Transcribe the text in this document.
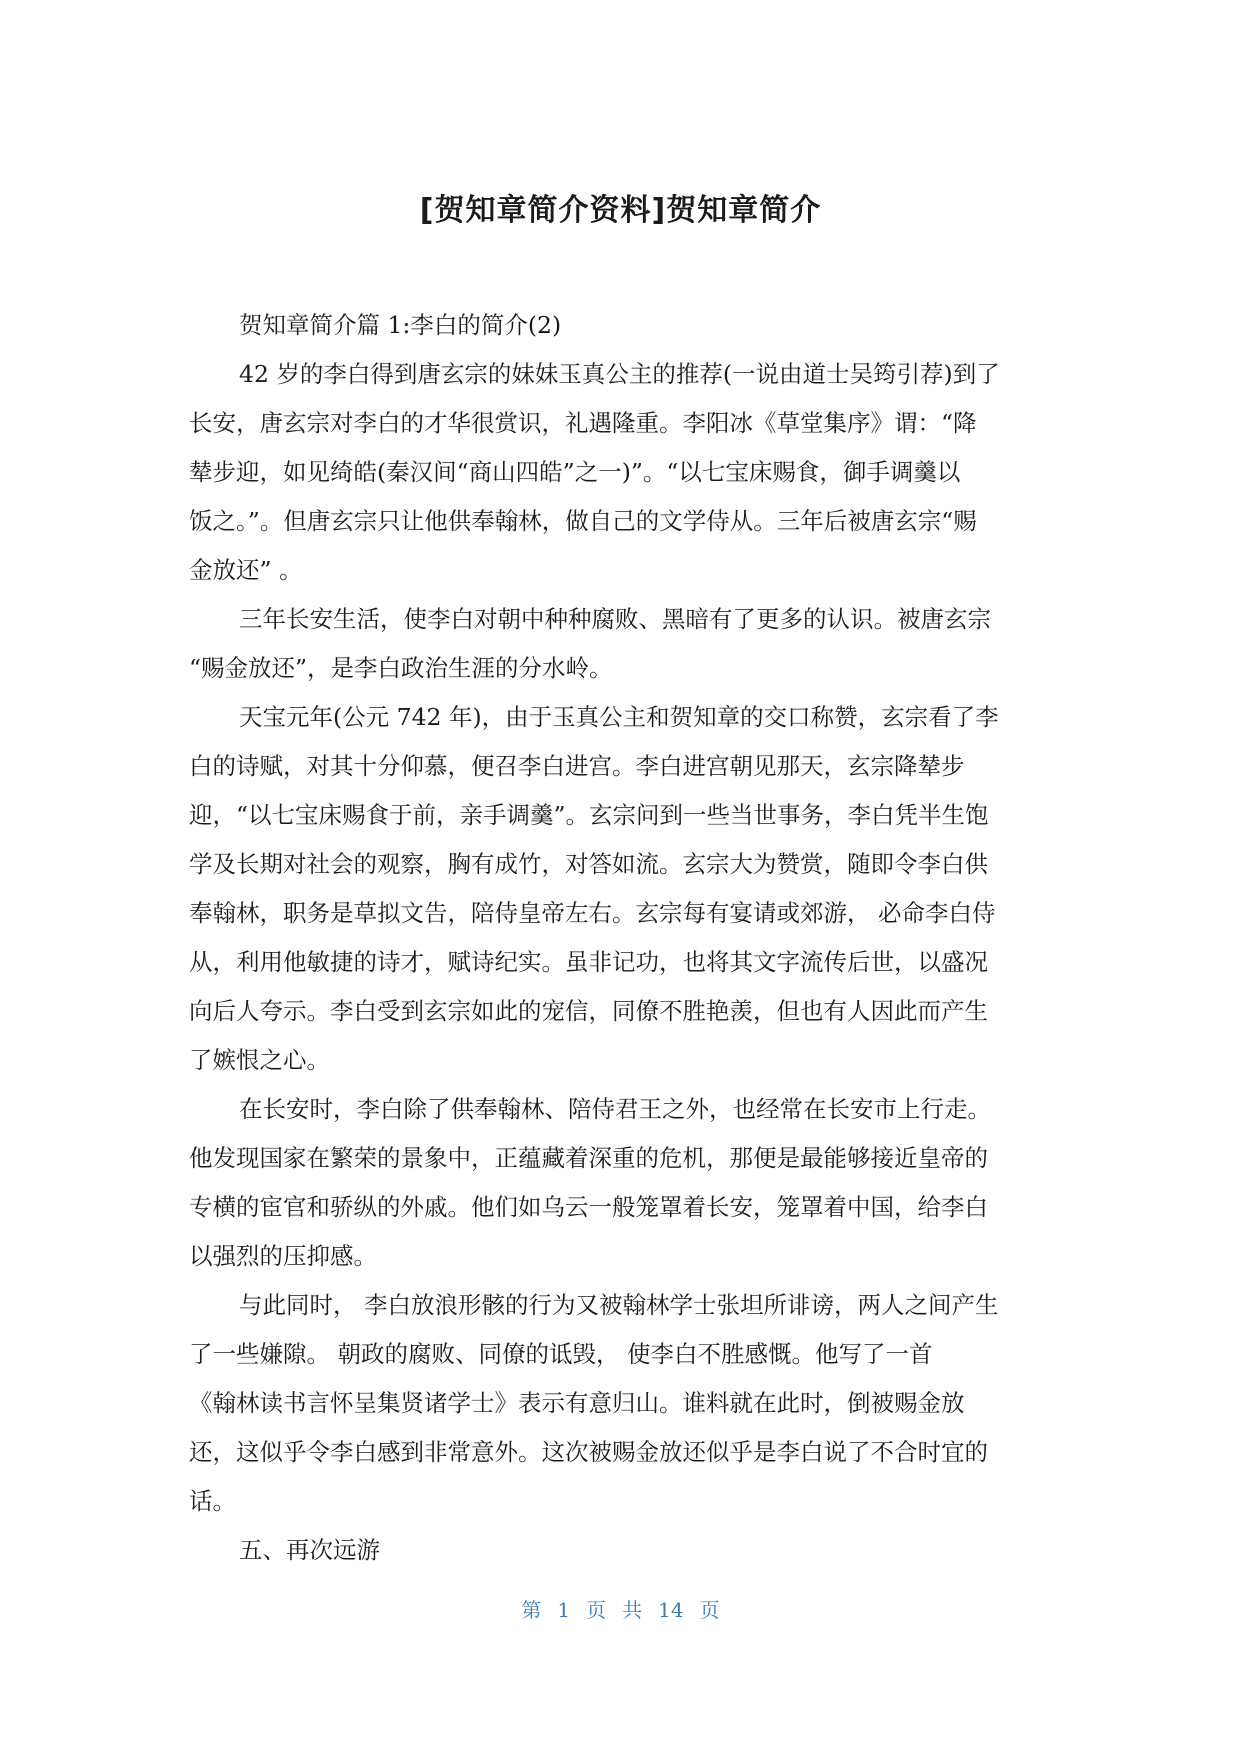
[贺知章简介资料]贺知章简介
贺知章简介篇 1:李白的简介(2)
42 岁的李白得到唐玄宗的妹妹玉真公主的推荐(一说由道士吴筠引荐)到了
长安，唐玄宗对李白的才华很赏识，礼遇隆重。李阳冰《草堂集序》谓：“降
辇步迎，如见绮皓(秦汉间“商山四皓”之一)”。“以七宝床赐食，御手调羹以
饭之。”。但唐玄宗只让他供奉翰林，做自己的文学侍从。三年后被唐玄宗“赐
金放还” 。
三年长安生活，使李白对朝中种种腐败、黑暗有了更多的认识。被唐玄宗
“赐金放还”，是李白政治生涯的分水岭。
天宝元年(公元 742 年)，由于玉真公主和贺知章的交口称赞，玄宗看了李
白的诗赋，对其十分仰慕，便召李白进宫。李白进宫朝见那天，玄宗降辇步
迎，“以七宝床赐食于前，亲手调羹”。玄宗问到一些当世事务，李白凭半生饱
学及长期对社会的观察，胸有成竹，对答如流。玄宗大为赞赏，随即令李白供
奉翰林，职务是草拟文告，陪侍皇帝左右。玄宗每有宴请或郊游， 必命李白侍
从，利用他敏捷的诗才，赋诗纪实。虽非记功，也将其文字流传后世，以盛况
向后人夸示。李白受到玄宗如此的宠信，同僚不胜艳羡，但也有人因此而产生
了嫉恨之心。
在长安时，李白除了供奉翰林、陪侍君王之外，也经常在长安市上行走。
他发现国家在繁荣的景象中，正蕴藏着深重的危机，那便是最能够接近皇帝的
专横的宦官和骄纵的外戚。他们如乌云一般笼罩着长安，笼罩着中国，给李白
以强烈的压抑感。
与此同时， 李白放浪形骸的行为又被翰林学士张坦所诽谤，两人之间产生
了一些嫌隙。 朝政的腐败、同僚的诋毁， 使李白不胜感慨。他写了一首
《翰林读书言怀呈集贤诸学士》表示有意归山。谁料就在此时，倒被赐金放
还，这似乎令李白感到非常意外。这次被赐金放还似乎是李白说了不合时宜的
话。
五、再次远游
第 1 页 共 14 页
